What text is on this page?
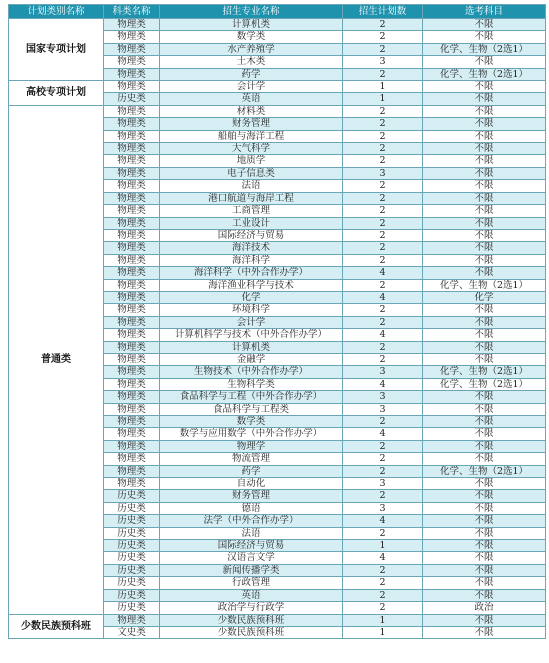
计划类别名称	科类名称	招生专业名称	招生计划数	选考科目
国家专项计划	物理类	计算机类	2	不限
	物理类	数学类	2	不限
	物理类	水产养殖学	2	化学、生物（2选1）
	物理类	土木类	3	不限
	物理类	药学	2	化学、生物（2选1）
高校专项计划	物理类	会计学	1	不限
	历史类	英语	1	不限
普通类	物理类	材料类	2	不限
	物理类	财务管理	2	不限
	物理类	船舶与海洋工程	2	不限
	物理类	大气科学	2	不限
	物理类	地质学	2	不限
	物理类	电子信息类	3	不限
	物理类	法语	2	不限
	物理类	港口航道与海岸工程	2	不限
	物理类	工商管理	2	不限
	物理类	工业设计	2	不限
	物理类	国际经济与贸易	2	不限
	物理类	海洋技术	2	不限
	物理类	海洋科学	2	不限
	物理类	海洋科学（中外合作办学）	4	不限
	物理类	海洋渔业科学与技术	2	化学、生物（2选1）
	物理类	化学	4	化学
	物理类	环境科学	2	不限
	物理类	会计学	2	不限
	物理类	计算机科学与技术（中外合作办学）	4	不限
	物理类	计算机类	2	不限
	物理类	金融学	2	不限
	物理类	生物技术（中外合作办学）	3	化学、生物（2选1）
	物理类	生物科学类	4	化学、生物（2选1）
	物理类	食品科学与工程（中外合作办学）	3	不限
	物理类	食品科学与工程类	3	不限
	物理类	数学类	2	不限
	物理类	数学与应用数学（中外合作办学）	4	不限
	物理类	物理学	2	不限
	物理类	物流管理	2	不限
	物理类	药学	2	化学、生物（2选1）
	物理类	自动化	3	不限
	历史类	财务管理	2	不限
	历史类	德语	3	不限
	历史类	法学（中外合作办学）	4	不限
	历史类	法语	2	不限
	历史类	国际经济与贸易	1	不限
	历史类	汉语言文学	4	不限
	历史类	新闻传播学类	2	不限
	历史类	行政管理	2	不限
	历史类	英语	2	不限
	历史类	政治学与行政学	2	政治
少数民族预科班	物理类	少数民族预科班	1	不限
	文史类	少数民族预科班	1	不限
